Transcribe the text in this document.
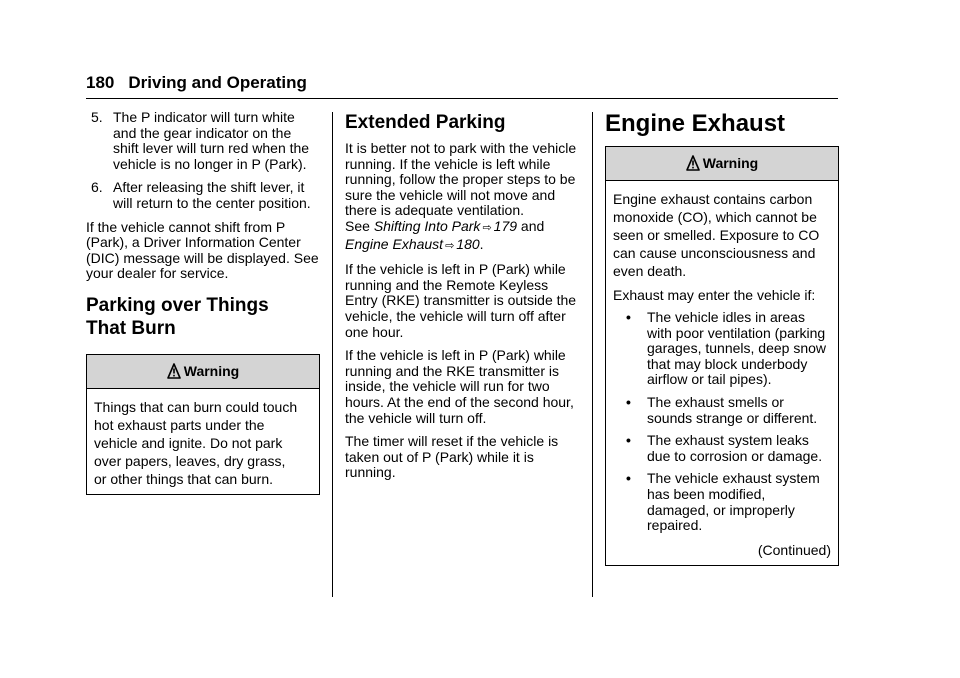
180 Driving and Operating
5. The P indicator will turn white and the gear indicator on the shift lever will turn red when the vehicle is no longer in P (Park).
6. After releasing the shift lever, it will return to the center position.

If the vehicle cannot shift from P (Park), a Driver Information Center (DIC) message will be displayed. See your dealer for service.

Parking over Things
That Burn
Warning
Things that can burn could touch
hot exhaust parts under the
vehicle and ignite. Do not park
over papers, leaves, dry grass,
or other things that can burn.
Extended Parking

It is better not to park with the vehicle running. If the vehicle is left while running, follow the proper steps to be sure the vehicle will not move and there is adequate ventilation.
See Shifting Into Park ⇨ 179 and
Engine Exhaust ⇨ 180.

If the vehicle is left in P (Park) while running and the Remote Keyless Entry (RKE) transmitter is outside the vehicle, the vehicle will turn off after one hour.

If the vehicle is left in P (Park) while running and the RKE transmitter is inside, the vehicle will run for two hours. At the end of the second hour, the vehicle will turn off.

The timer will reset if the vehicle is taken out of P (Park) while it is running.

Engine Exhaust
Warning

Engine exhaust contains carbon
monoxide (CO), which cannot be
seen or smelled. Exposure to CO
can cause unconsciousness and
even death.

Exhaust may enter the vehicle if:

• The vehicle idles in areas with poor ventilation (parking garages, tunnels, deep snow that may block underbody airflow or tail pipes).
• The exhaust smells or sounds strange or different.
• The exhaust system leaks due to corrosion or damage.
• The vehicle exhaust system has been modified, damaged, or improperly repaired.
(Continued)
